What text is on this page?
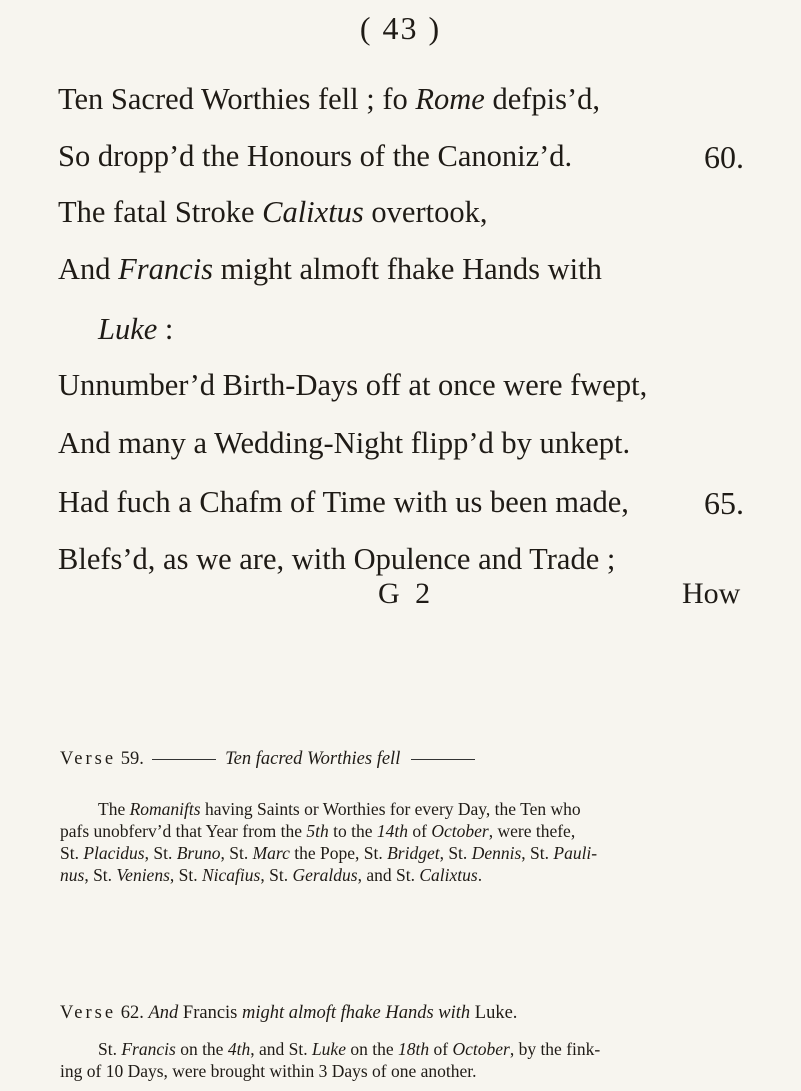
( 43 )
Ten Sacred Worthies fell ; fo Rome defpis’d,
So dropp’d the Honours of the Canoniz’d.	60.
The fatal Stroke Calixtus overtook,
And Francis might almoft fhake Hands with
Luke :
Unnumber’d Birth-Days off at once were fwept,
And many a Wedding-Night flipp’d by unkept.
Had fuch a Chafm of Time with us been made, 65.
Blefs’d, as we are, with Opulence and Trade ;
G 2	How
Verse 59.	Ten facred Worthies fell
The Romanifts having Saints or Worthies for every Day, the Ten who
pafs unobferv’d that Year from the 5th to the 14th of October, were thefe,
St. Placidus, St. Bruno, St. Marc the Pope, St. Bridget, St. Dennis, St. Pauli-
nus, St. Veniens, St. Nicafius, St. Geraldus, and St. Calixtus.
Verse 62. And Francis might almoft fhake Hands with Luke.
St. Francis on the 4th, and St. Luke on the 18th of October, by the fink-
ing of 10 Days, were brought within 3 Days of one another.
